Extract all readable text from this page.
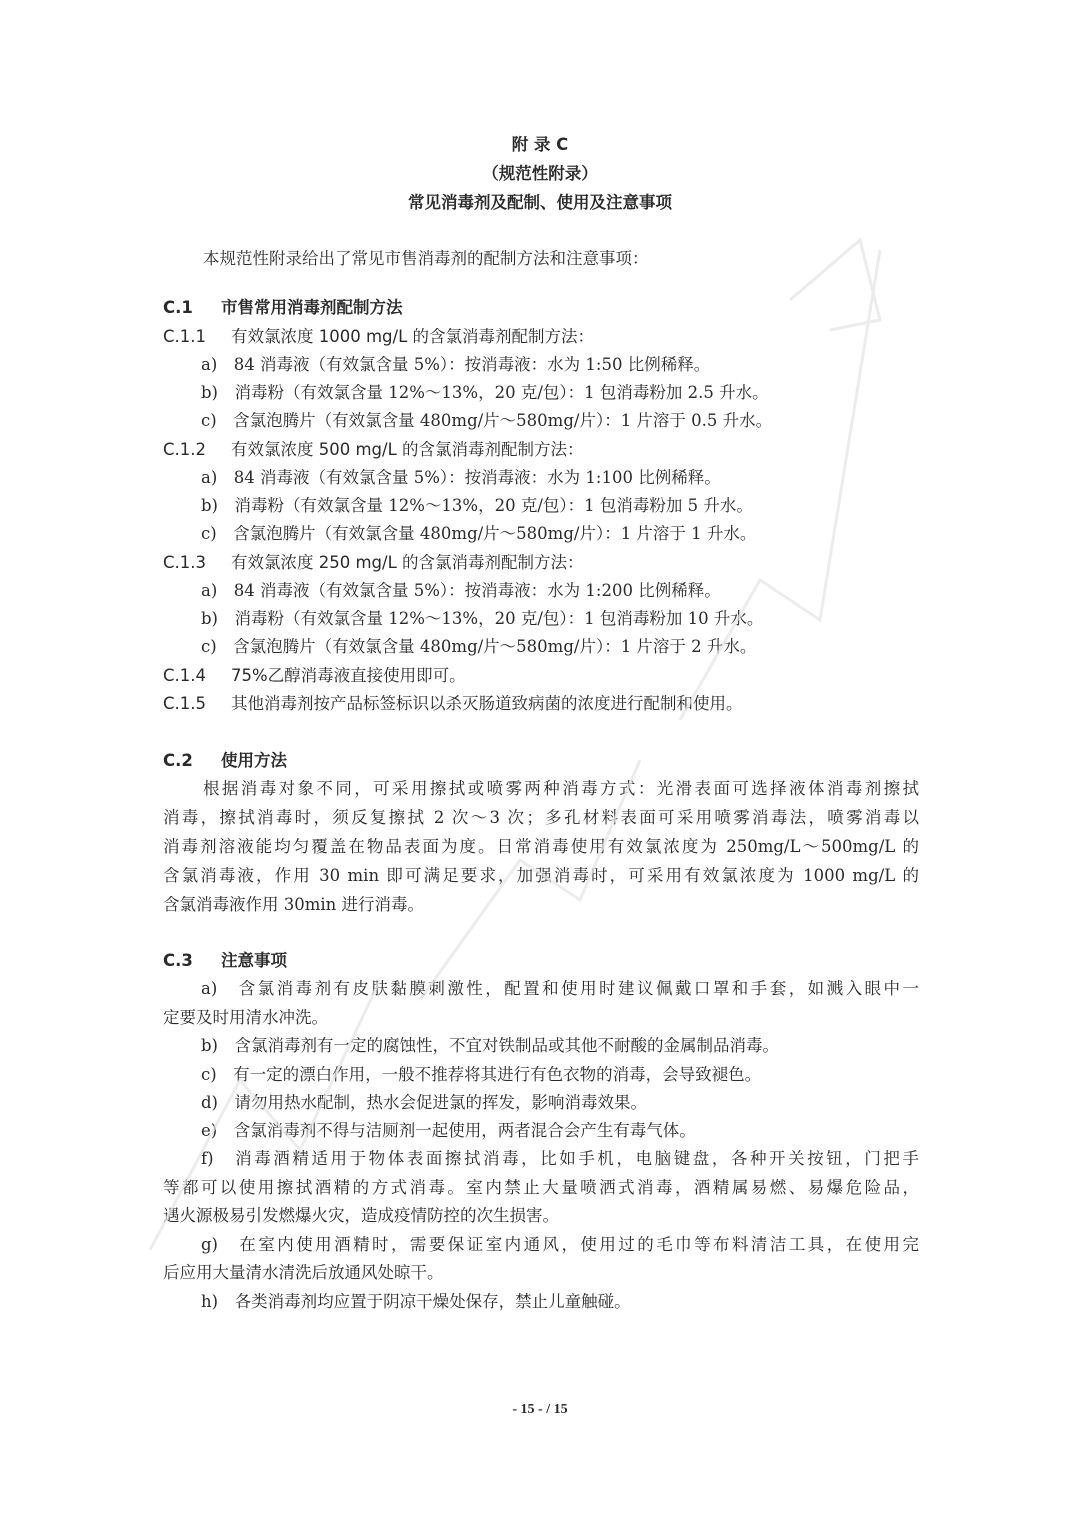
附 录 C
（规范性附录）
常见消毒剂及配制、使用及注意事项
本规范性附录给出了常见市售消毒剂的配制方法和注意事项：
C.1 市售常用消毒剂配制方法
C.1.1 有效氯浓度 1000 mg/L 的含氯消毒剂配制方法：
a)　84 消毒液（有效氯含量 5%）：按消毒液：水为 1:50 比例稀释。
b)　消毒粉（有效氯含量 12%～13%，20 克/包）：1 包消毒粉加 2.5 升水。
c)　含氯泡腾片（有效氯含量 480mg/片～580mg/片）：1 片溶于 0.5 升水。
C.1.2 有效氯浓度 500 mg/L 的含氯消毒剂配制方法：
a)　84 消毒液（有效氯含量 5%）：按消毒液：水为 1:100 比例稀释。
b)　消毒粉（有效氯含量 12%～13%，20 克/包）：1 包消毒粉加 5 升水。
c)　含氯泡腾片（有效氯含量 480mg/片～580mg/片）：1 片溶于 1 升水。
C.1.3 有效氯浓度 250 mg/L 的含氯消毒剂配制方法：
a)　84 消毒液（有效氯含量 5%）：按消毒液：水为 1:200 比例稀释。
b)　消毒粉（有效氯含量 12%～13%，20 克/包）：1 包消毒粉加 10 升水。
c)　含氯泡腾片（有效氯含量 480mg/片～580mg/片）：1 片溶于 2 升水。
C.1.4 75%乙醇消毒液直接使用即可。
C.1.5 其他消毒剂按产品标签标识以杀灭肠道致病菌的浓度进行配制和使用。
C.2 使用方法
根据消毒对象不同，可采用擦拭或喷雾两种消毒方式：光滑表面可选择液体消毒剂擦拭
消毒，擦拭消毒时，须反复擦拭 2 次～3 次；多孔材料表面可采用喷雾消毒法，喷雾消毒以
消毒剂溶液能均匀覆盖在物品表面为度。日常消毒使用有效氯浓度为 250mg/L～500mg/L 的
含氯消毒液，作用 30 min 即可满足要求，加强消毒时，可采用有效氯浓度为 1000 mg/L 的
含氯消毒液作用 30min 进行消毒。
C.3 注意事项
a)　含氯消毒剂有皮肤黏膜刺激性，配置和使用时建议佩戴口罩和手套，如溅入眼中一
定要及时用清水冲洗。
b)　含氯消毒剂有一定的腐蚀性，不宜对铁制品或其他不耐酸的金属制品消毒。
c)　有一定的漂白作用，一般不推荐将其进行有色衣物的消毒，会导致褪色。
d)　请勿用热水配制，热水会促进氯的挥发，影响消毒效果。
e)　含氯消毒剂不得与洁厕剂一起使用，两者混合会产生有毒气体。
f)　消毒酒精适用于物体表面擦拭消毒，比如手机，电脑键盘，各种开关按钮，门把手
等都可以使用擦拭酒精的方式消毒。室内禁止大量喷洒式消毒，酒精属易燃、易爆危险品，
遇火源极易引发燃爆火灾，造成疫情防控的次生损害。
g)　在室内使用酒精时，需要保证室内通风，使用过的毛巾等布料清洁工具，在使用完
后应用大量清水清洗后放通风处晾干。
h)　各类消毒剂均应置于阴凉干燥处保存，禁止儿童触碰。
- 15 - / 15
